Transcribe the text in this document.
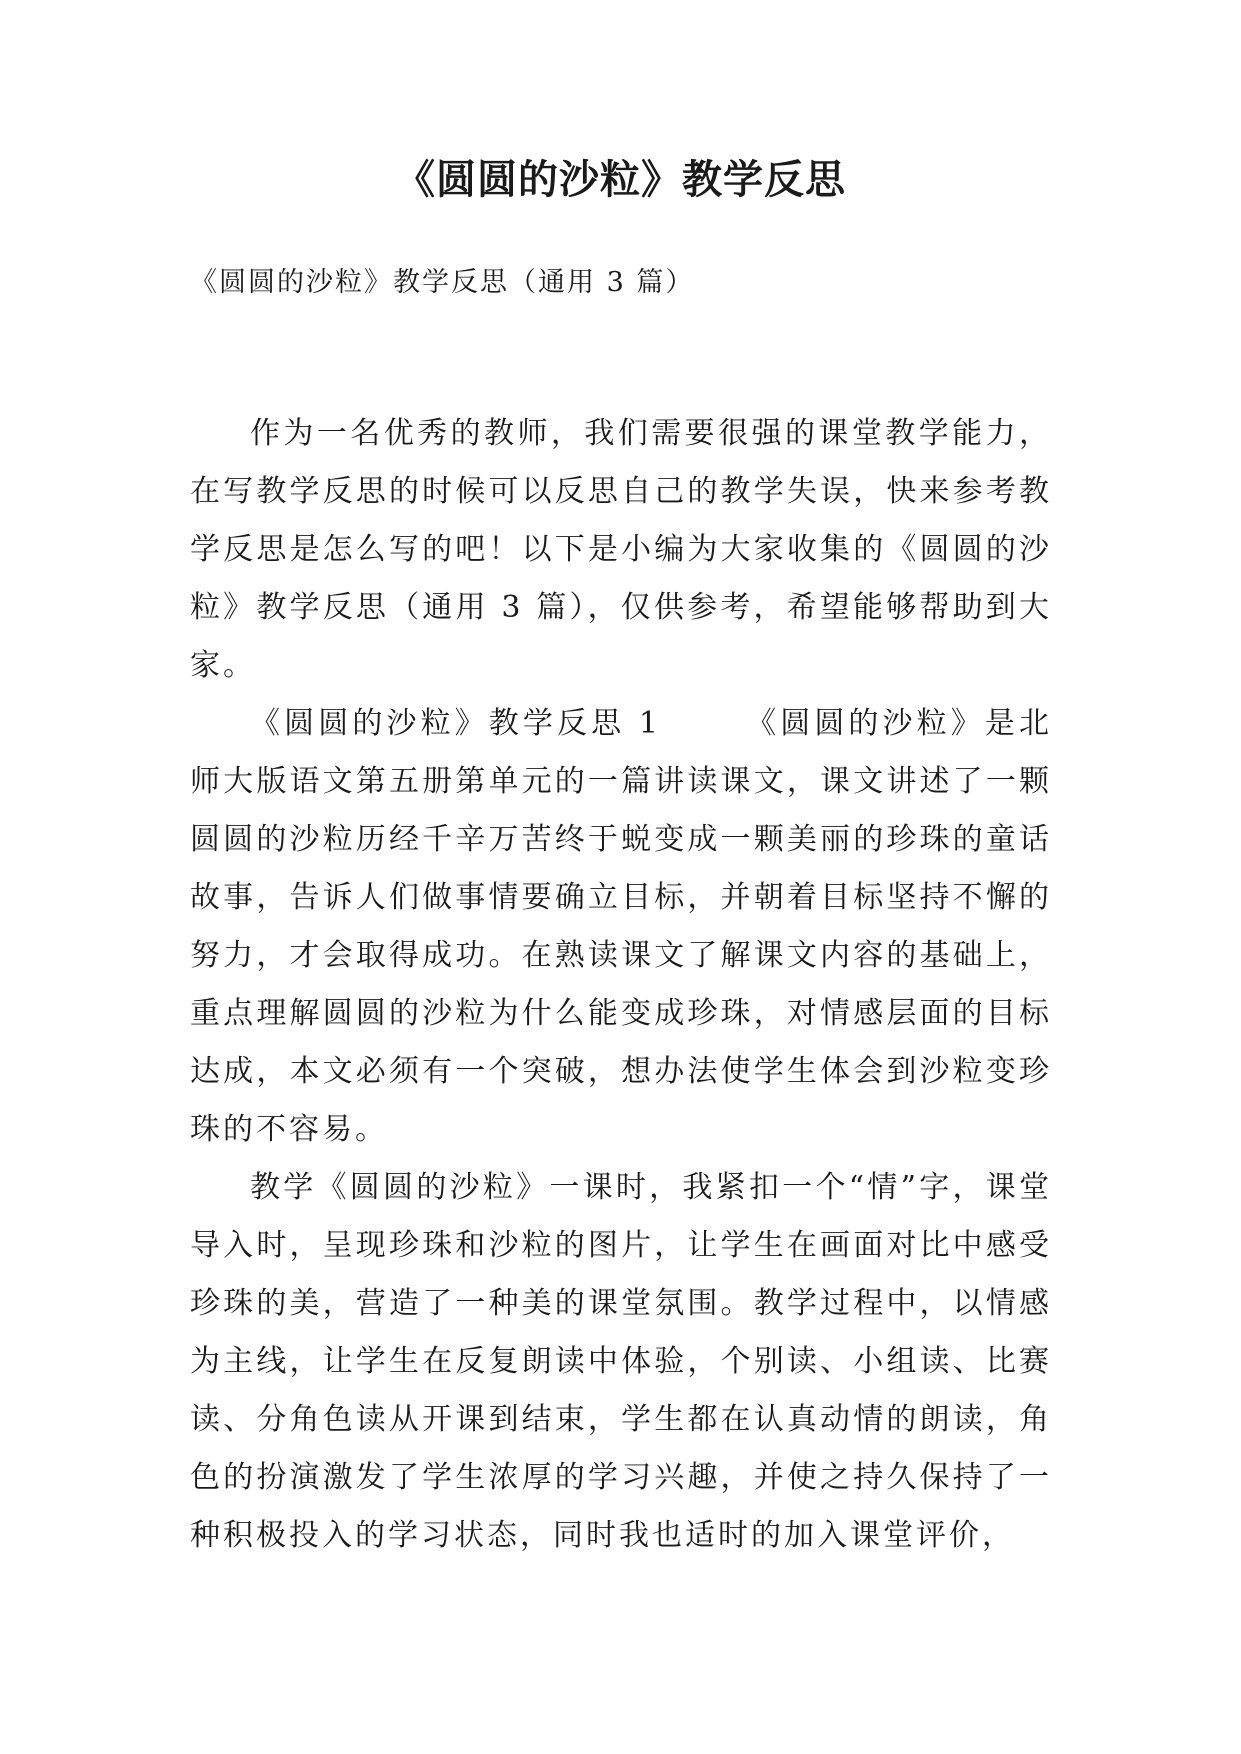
《圆圆的沙粒》教学反思

《圆圆的沙粒》教学反思（通用 3 篇）

作为一名优秀的教师，我们需要很强的课堂教学能力，在写教学反思的时候可以反思自己的教学失误，快来参考教学反思是怎么写的吧！以下是小编为大家收集的《圆圆的沙粒》教学反思（通用 3 篇），仅供参考，希望能够帮助到大家。

《圆圆的沙粒》教学反思 1	《圆圆的沙粒》是北师大版语文第五册第单元的一篇讲读课文，课文讲述了一颗圆圆的沙粒历经千辛万苦终于蜕变成一颗美丽的珍珠的童话故事，告诉人们做事情要确立目标，并朝着目标坚持不懈的努力，才会取得成功。在熟读课文了解课文内容的基础上，重点理解圆圆的沙粒为什么能变成珍珠，对情感层面的目标达成，本文必须有一个突破，想办法使学生体会到沙粒变珍珠的不容易。

教学《圆圆的沙粒》一课时，我紧扣一个“情”字，课堂导入时，呈现珍珠和沙粒的图片，让学生在画面对比中感受珍珠的美，营造了一种美的课堂氛围。教学过程中，以情感为主线，让学生在反复朗读中体验，个别读、小组读、比赛读、分角色读从开课到结束，学生都在认真动情的朗读，角色的扮演激发了学生浓厚的学习兴趣，并使之持久保持了一种积极投入的学习状态，同时我也适时的加入课堂评价，
